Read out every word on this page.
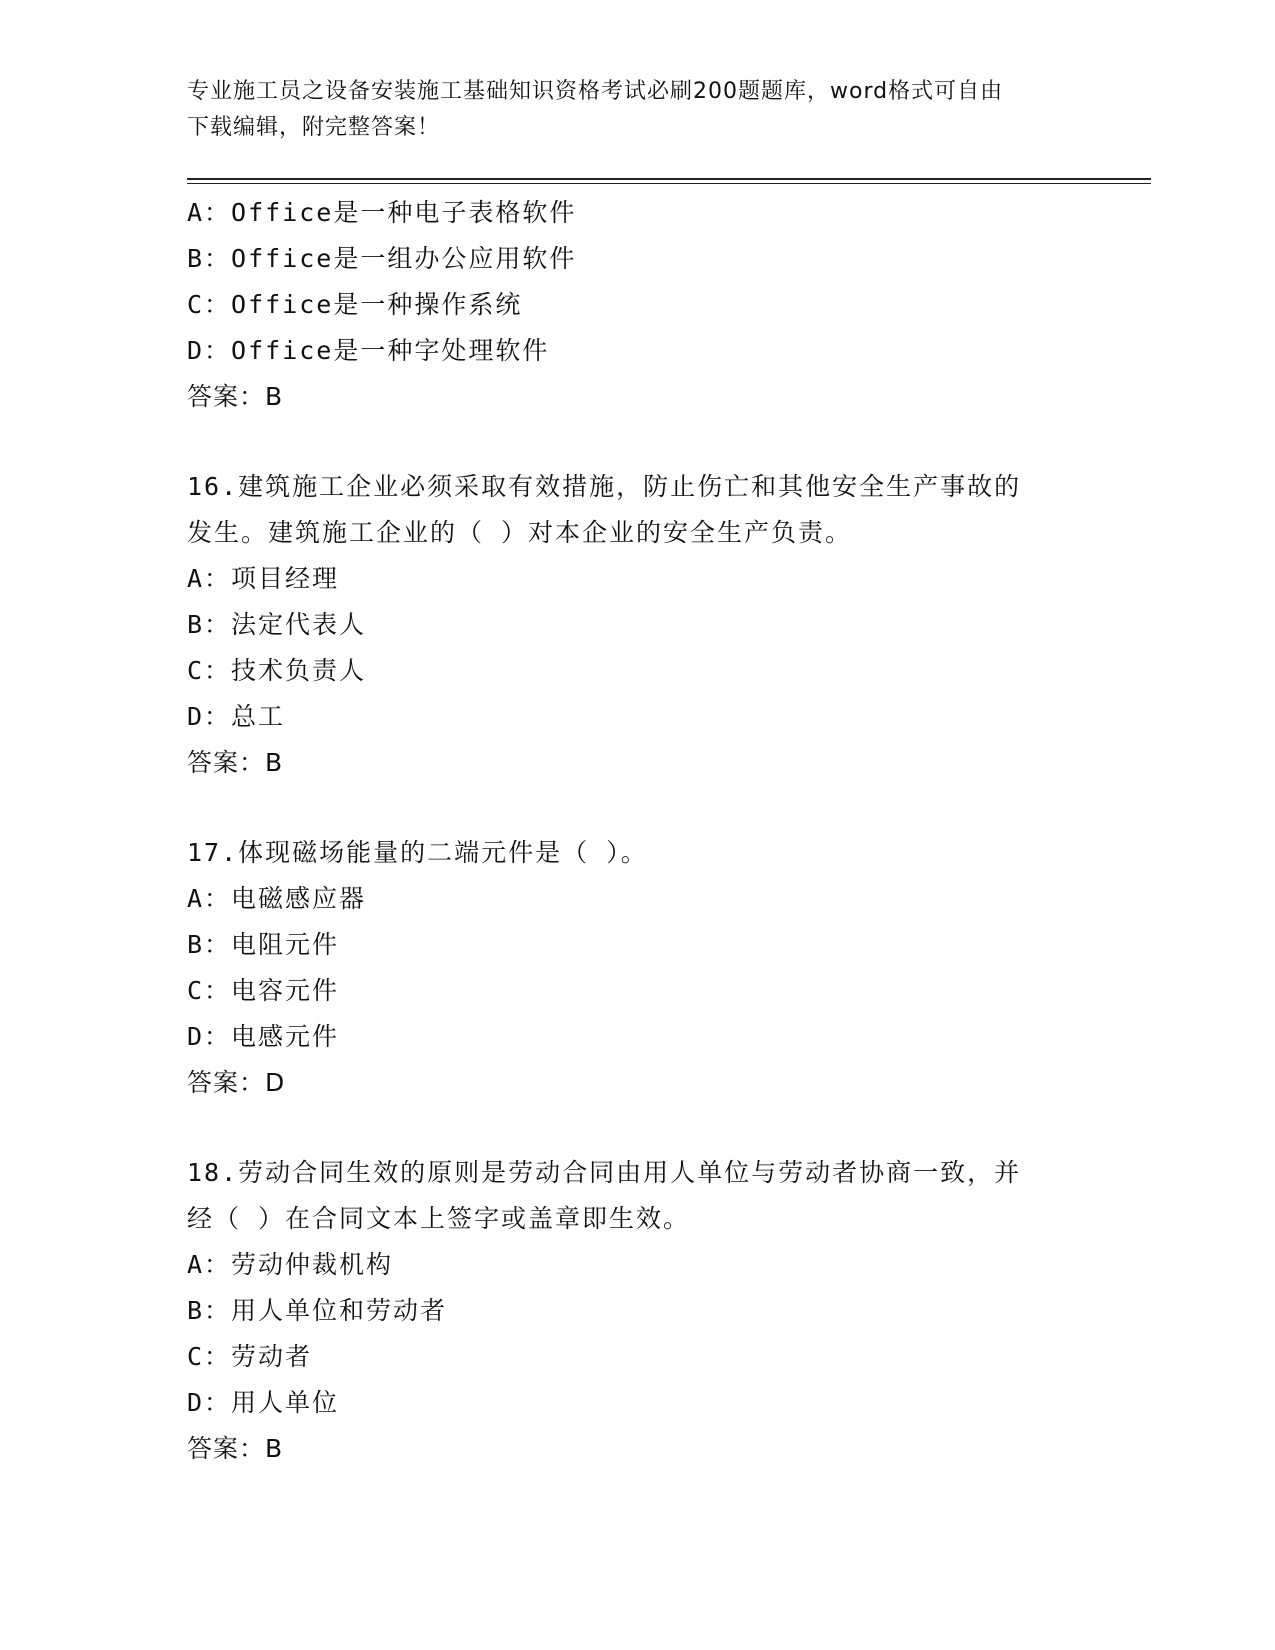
专业施工员之设备安装施工基础知识资格考试必刷200题题库，word格式可自由
下载编辑，附完整答案！
A：Office是一种电子表格软件
B：Office是一组办公应用软件
C：Office是一种操作系统
D：Office是一种字处理软件
答案：B
16.建筑施工企业必须采取有效措施，防止伤亡和其他安全生产事故的
发生。建筑施工企业的（ ）对本企业的安全生产负责。
A：项目经理
B：法定代表人
C：技术负责人
D：总工
答案：B
17.体现磁场能量的二端元件是（ ）。
A：电磁感应器
B：电阻元件
C：电容元件
D：电感元件
答案：D
18.劳动合同生效的原则是劳动合同由用人单位与劳动者协商一致，并
经（ ）在合同文本上签字或盖章即生效。
A：劳动仲裁机构
B：用人单位和劳动者
C：劳动者
D：用人单位
答案：B
